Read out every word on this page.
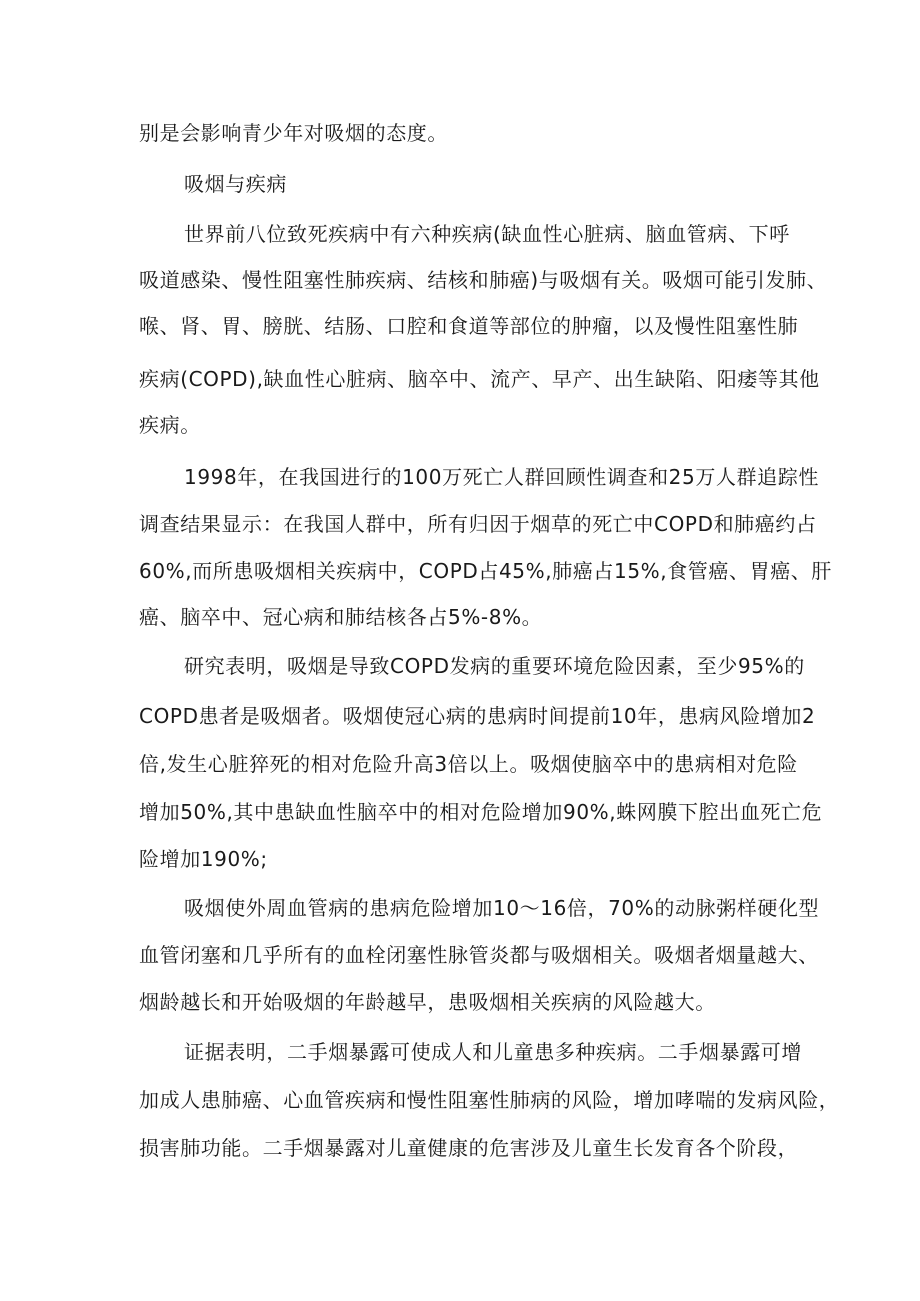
别是会影响青少年对吸烟的态度。
吸烟与疾病
世界前八位致死疾病中有六种疾病(缺血性心脏病、脑血管病、下呼
吸道感染、慢性阻塞性肺疾病、结核和肺癌)与吸烟有关。吸烟可能引发肺、
喉、肾、胃、膀胱、结肠、口腔和食道等部位的肿瘤，以及慢性阻塞性肺
疾病(COPD),缺血性心脏病、脑卒中、流产、早产、出生缺陷、阳痿等其他
疾病。
1998年，在我国进行的100万死亡人群回顾性调查和25万人群追踪性
调查结果显示：在我国人群中，所有归因于烟草的死亡中COPD和肺癌约占
60%,而所患吸烟相关疾病中，COPD占45%,肺癌占15%,食管癌、胃癌、肝
癌、脑卒中、冠心病和肺结核各占5%-8%。
研究表明，吸烟是导致COPD发病的重要环境危险因素，至少95%的
COPD患者是吸烟者。吸烟使冠心病的患病时间提前10年，患病风险增加2
倍,发生心脏猝死的相对危险升高3倍以上。吸烟使脑卒中的患病相对危险
增加50%,其中患缺血性脑卒中的相对危险增加90%,蛛网膜下腔出血死亡危
险增加190%;
吸烟使外周血管病的患病危险增加10〜16倍，70%的动脉粥样硬化型
血管闭塞和几乎所有的血栓闭塞性脉管炎都与吸烟相关。吸烟者烟量越大、
烟龄越长和开始吸烟的年龄越早，患吸烟相关疾病的风险越大。
证据表明，二手烟暴露可使成人和儿童患多种疾病。二手烟暴露可增
加成人患肺癌、心血管疾病和慢性阻塞性肺病的风险，增加哮喘的发病风险，
损害肺功能。二手烟暴露对儿童健康的危害涉及儿童生长发育各个阶段，
